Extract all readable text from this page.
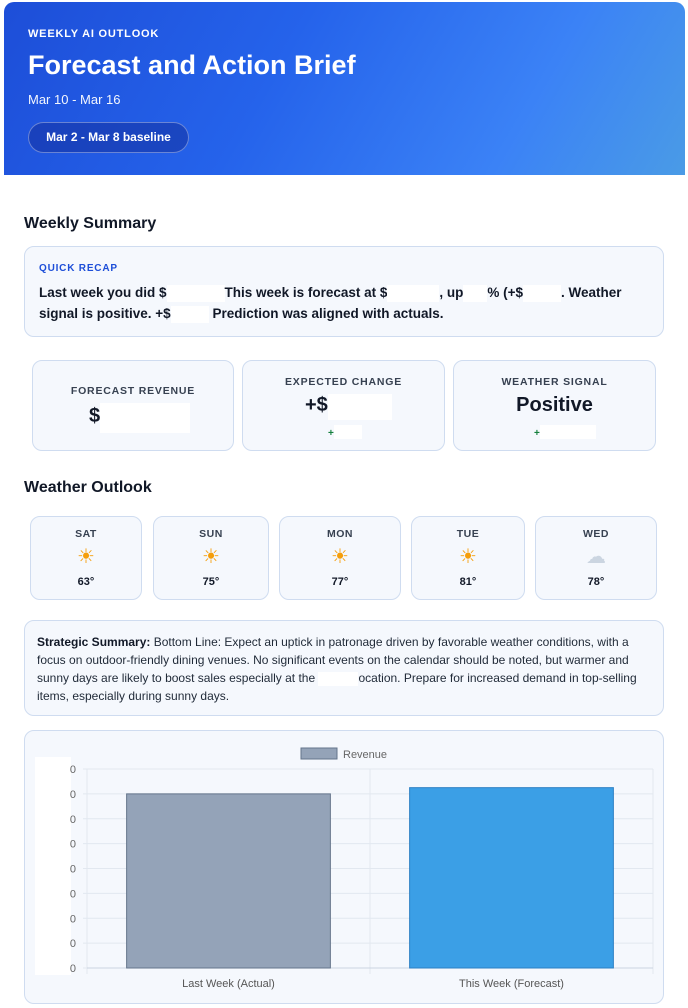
WEEKLY AI OUTLOOK
Forecast and Action Brief
Mar 10 - Mar 16
Mar 2 - Mar 8 baseline
Weekly Summary
QUICK RECAP
Last week you did $	This week is forecast at $	, up % (+$	. Weather signal is positive. +$	Prediction was aligned with actuals.
FORECAST REVENUE
$
EXPECTED CHANGE
+$
+
WEATHER SIGNAL
Positive
+
Weather Outlook
SAT
☀
63°
SUN
☀
75°
MON
☀
77°
TUE
☀
81°
WED
☁
78°
Strategic Summary: Bottom Line: Expect an uptick in patronage driven by favorable weather conditions, with a focus on outdoor-friendly dining venues. No significant events on the calendar should be noted, but warmer and sunny days are likely to boost sales especially at the	ocation. Prepare for increased demand in top-selling items, especially during sunny days.
0
0
0
0
0
0
0
0
0
Last Week (Actual)	This Week (Forecast)
Revenue
